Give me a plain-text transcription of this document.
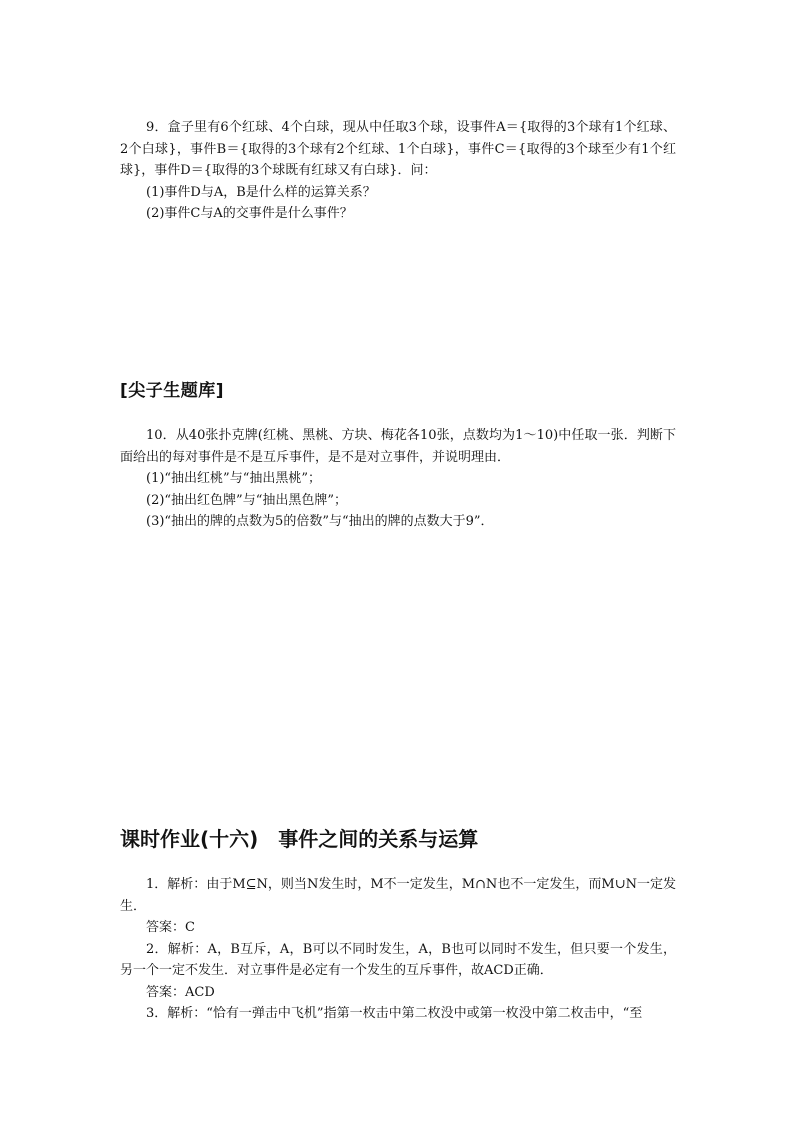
9．盒子里有6个红球、4个白球，现从中任取3个球，设事件A＝{取得的3个球有1个红球、2个白球}，事件B＝{取得的3个球有2个红球、1个白球}，事件C＝{取得的3个球至少有1个红球}，事件D＝{取得的3个球既有红球又有白球}．问：

(1)事件D与A，B是什么样的运算关系？

(2)事件C与A的交事件是什么事件？

[尖子生题库]

10．从40张扑克牌(红桃、黑桃、方块、梅花各10张，点数均为1～10)中任取一张．判断下面给出的每对事件是不是互斥事件，是不是对立事件，并说明理由．

(1)“抽出红桃”与“抽出黑桃”；

(2)“抽出红色牌”与“抽出黑色牌”；

(3)“抽出的牌的点数为5的倍数”与“抽出的牌的点数大于9”．

课时作业(十六)　事件之间的关系与运算

1．解析：由于M⊆N，则当N发生时，M不一定发生，M∩N也不一定发生，而M∪N一定发生．

答案：C

2．解析：A，B互斥，A，B可以不同时发生，A，B也可以同时不发生，但只要一个发生，另一个一定不发生．对立事件是必定有一个发生的互斥事件，故ACD正确．

答案：ACD

3．解析：“恰有一弹击中飞机”指第一枚击中第二枚没中或第一枚没中第二枚击中，“至
